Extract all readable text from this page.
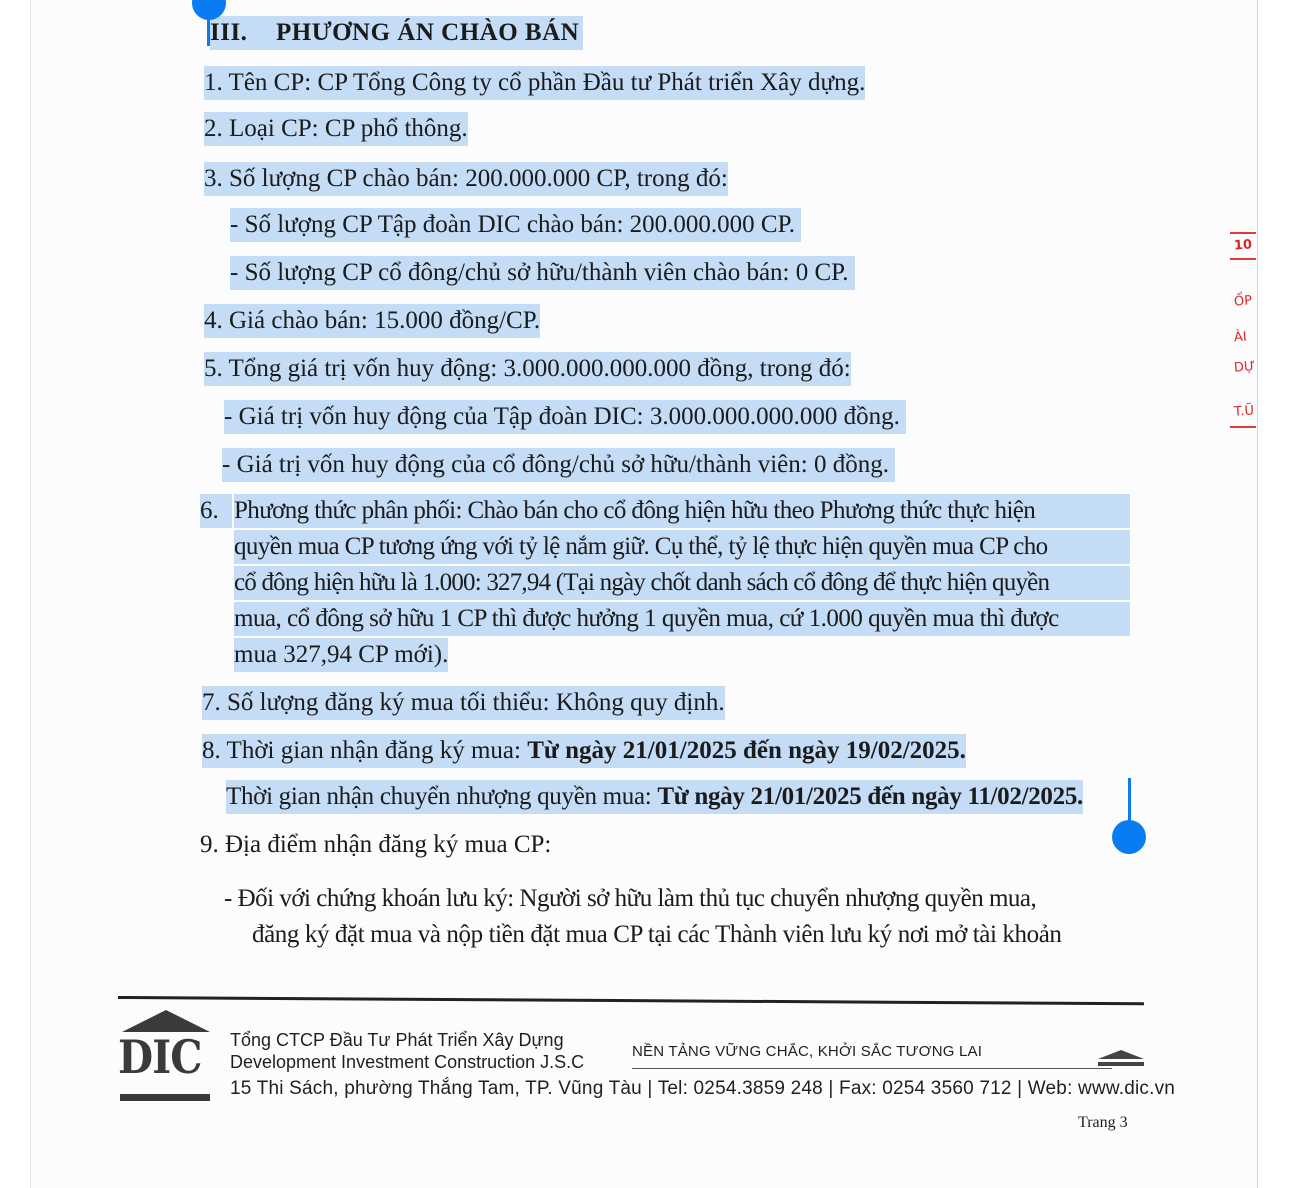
III. PHƯƠNG ÁN CHÀO BÁN
1. Tên CP: CP Tổng Công ty cổ phần Đầu tư Phát triển Xây dựng.
2. Loại CP: CP phổ thông.
3. Số lượng CP chào bán: 200.000.000 CP, trong đó:
- Số lượng CP Tập đoàn DIC chào bán: 200.000.000 CP.
- Số lượng CP cổ đông/chủ sở hữu/thành viên chào bán: 0 CP.
4. Giá chào bán: 15.000 đồng/CP.
5. Tổng giá trị vốn huy động: 3.000.000.000.000 đồng, trong đó:
- Giá trị vốn huy động của Tập đoàn DIC: 3.000.000.000.000 đồng.
- Giá trị vốn huy động của cổ đông/chủ sở hữu/thành viên: 0 đồng.
6. Phương thức phân phối: Chào bán cho cổ đông hiện hữu theo Phương thức thực hiện
quyền mua CP tương ứng với tỷ lệ nắm giữ. Cụ thể, tỷ lệ thực hiện quyền mua CP cho
cổ đông hiện hữu là 1.000: 327,94 (Tại ngày chốt danh sách cổ đông để thực hiện quyền
mua, cổ đông sở hữu 1 CP thì được hưởng 1 quyền mua, cứ 1.000 quyền mua thì được
mua 327,94 CP mới).
7. Số lượng đăng ký mua tối thiểu: Không quy định.
8. Thời gian nhận đăng ký mua: Từ ngày 21/01/2025 đến ngày 19/02/2025.
Thời gian nhận chuyển nhượng quyền mua: Từ ngày 21/01/2025 đến ngày 11/02/2025.
9. Địa điểm nhận đăng ký mua CP:
- Đối với chứng khoán lưu ký: Người sở hữu làm thủ tục chuyển nhượng quyền mua,
đăng ký đặt mua và nộp tiền đặt mua CP tại các Thành viên lưu ký nơi mở tài khoản
10
ỔP
ÀI
DỰ
T.Ũ
DIC Tổng CTCP Đầu Tư Phát Triển Xây Dựng
Development Investment Construction J.S.C
NỀN TẢNG VỮNG CHẮC, KHỞI SẮC TƯƠNG LAI
15 Thi Sách, phường Thắng Tam, TP. Vũng Tàu | Tel: 0254.3859 248 | Fax: 0254 3560 712 | Web: www.dic.vn
Trang 3
